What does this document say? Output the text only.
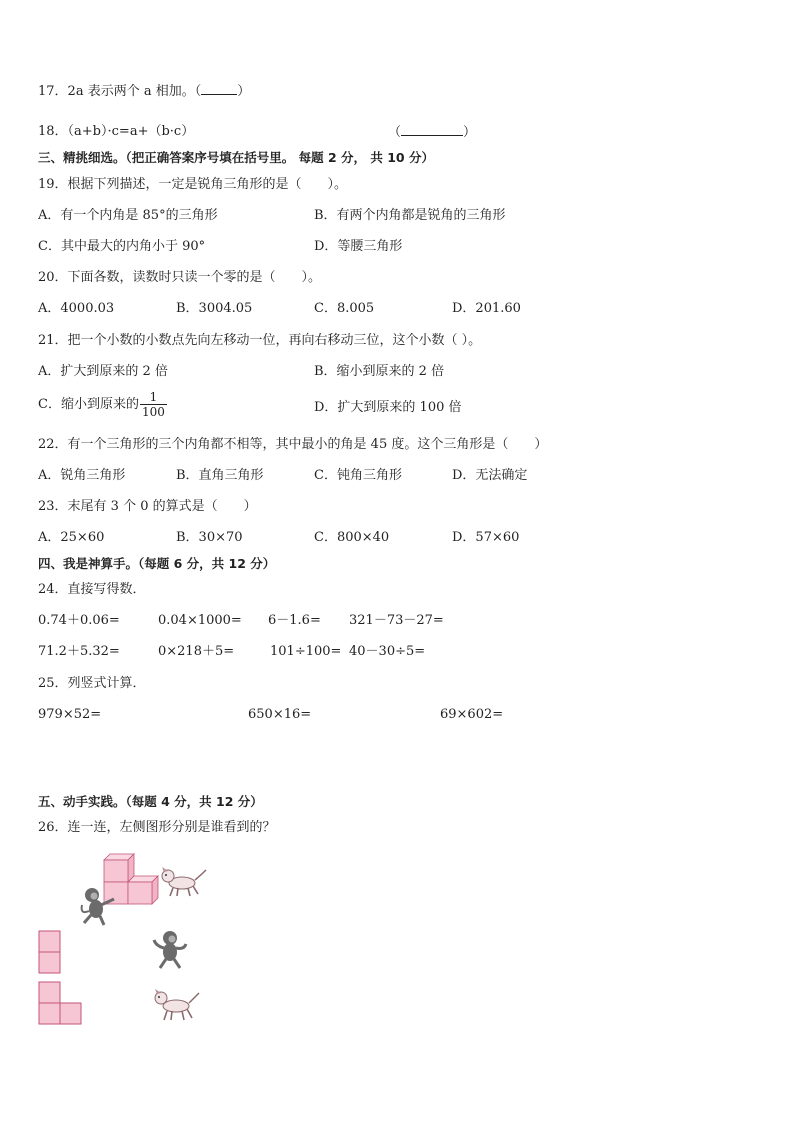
17．2a 表示两个 a 相加。（	）
18．（a+b）·c=a+（b·c）	（	）
三、精挑细选。（把正确答案序号填在括号里。 每题 2 分， 共 10 分）
19．根据下列描述，一定是锐角三角形的是（　　）。
A．有一个内角是 85°的三角形	B．有两个内角都是锐角的三角形
C．其中最大的内角小于 90°	D．等腰三角形
20．下面各数，读数时只读一个零的是（　　）。
A．4000.03	B．3004.05	C．8.005	D．201.60
21．把一个小数的小数点先向左移动一位，再向右移动三位，这个小数（ ）。
A．扩大到原来的 2 倍	B．缩小到原来的 2 倍
C．缩小到原来的 $\frac{1}{100}$	D．扩大到原来的 100 倍
22．有一个三角形的三个内角都不相等，其中最小的角是 45 度。这个三角形是（　　）
A．锐角三角形	B．直角三角形	C．钝角三角形	D．无法确定
23．末尾有 3 个 0 的算式是（　　）
A．25×60	B．30×70	C．800×40	D．57×60
四、我是神算手。（每题 6 分，共 12 分）
24．直接写得数．
0.74＋0.06=	0.04×1000= 6－1.6= 321－73－27=
71.2＋5.32=	0×218＋5=	101÷100= 40－30÷5=
25．列竖式计算．
979×52=	650×16=	69×602=
五、动手实践。（每题 4 分，共 12 分）
26．连一连，左侧图形分别是谁看到的？
